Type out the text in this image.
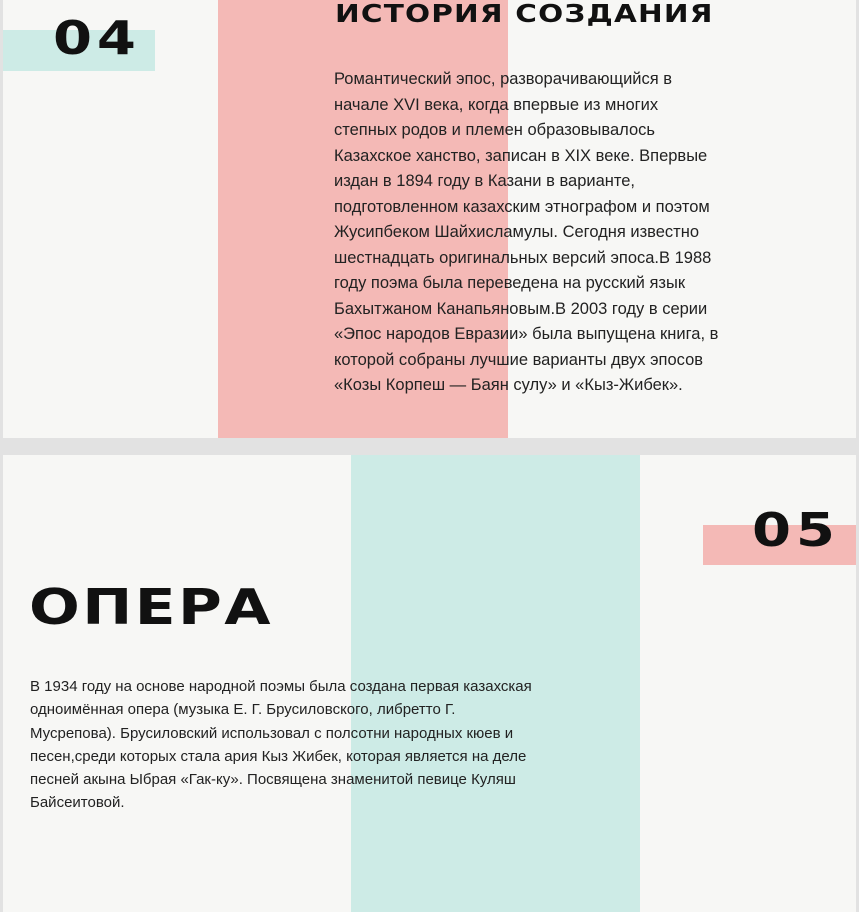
04	ИСТОРИЯ СОЗДАНИЯ

Романтический эпос, разворачивающийся в
начале XVI века, когда впервые из многих
степных родов и племен образовывалось
Казахское ханство, записан в XIX веке. Впервые
издан в 1894 году в Казани в варианте,
подготовленном казахским этнографом и поэтом
Жусипбеком Шайхисламулы. Сегодня известно
шестнадцать оригинальных версий эпоса.В 1988
году поэма была переведена на русский язык
Бахытжаном Канапьяновым.В 2003 году в серии
«Эпос народов Евразии» была выпущена книга, в
которой собраны лучшие варианты двух эпосов
«Козы Корпеш — Баян сулу» и «Кыз-Жибек».

05
ОПЕРА

В 1934 году на основе народной поэмы была создана первая казахская
одноимённая опера (музыка Е. Г. Брусиловского, либретто Г.
Мусрепова). Брусиловский использовал с полсотни народных кюев и
песен,среди которых стала ария Кыз Жибек, которая является на деле
песней акына Ыбрая «Гак-ку». Посвящена знаменитой певице Куляш
Байсеитовой.
